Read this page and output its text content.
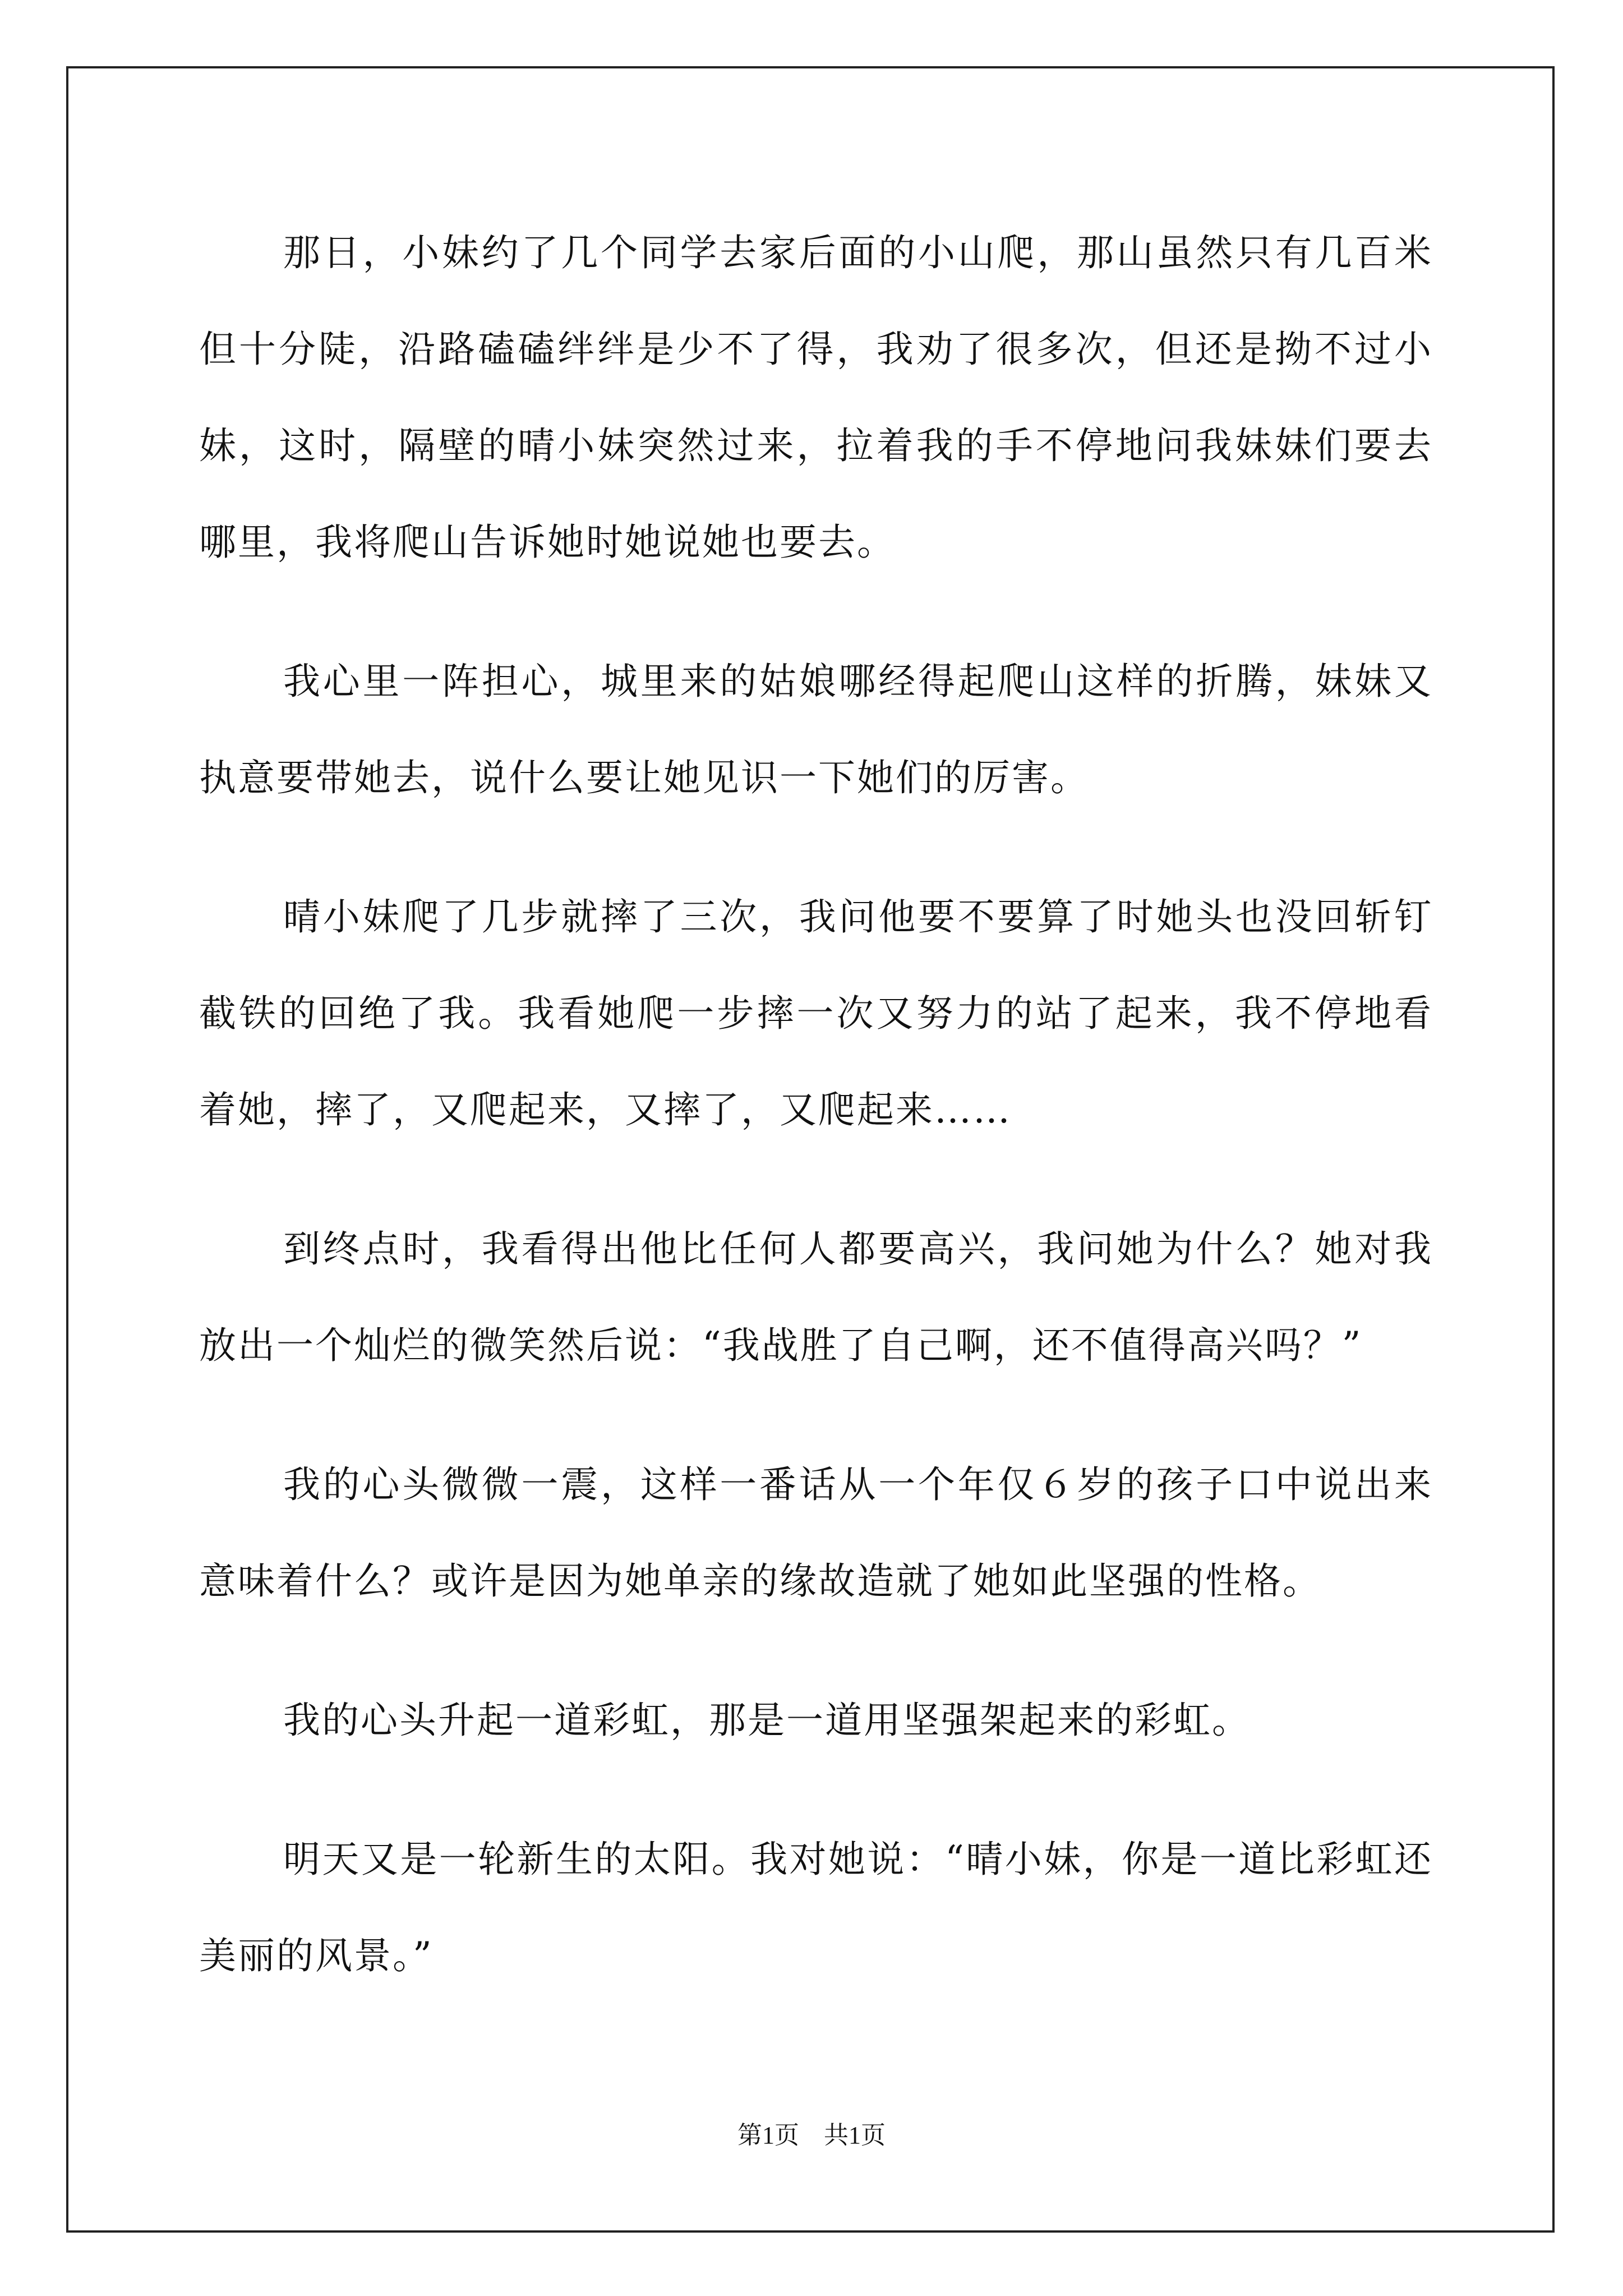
那日，小妹约了几个同学去家后面的小山爬，那山虽然只有几百米但十分陡，沿路磕磕绊绊是少不了得，我劝了很多次，但还是拗不过小妹，这时，隔壁的晴小妹突然过来，拉着我的手不停地问我妹妹们要去哪里，我将爬山告诉她时她说她也要去。

我心里一阵担心，城里来的姑娘哪经得起爬山这样的折腾，妹妹又执意要带她去，说什么要让她见识一下她们的厉害。

晴小妹爬了几步就摔了三次，我问他要不要算了时她头也没回斩钉截铁的回绝了我。我看她爬一步摔一次又努力的站了起来，我不停地看着她，摔了，又爬起来，又摔了，又爬起来……

到终点时，我看得出他比任何人都要高兴，我问她为什么？她对我放出一个灿烂的微笑然后说：“我战胜了自己啊，还不值得高兴吗？”

我的心头微微一震，这样一番话从一个年仅６岁的孩子口中说出来意味着什么？或许是因为她单亲的缘故造就了她如此坚强的性格。

我的心头升起一道彩虹，那是一道用坚强架起来的彩虹。

明天又是一轮新生的太阳。我对她说：“晴小妹，你是一道比彩虹还美丽的风景。”

第1页 共1页
